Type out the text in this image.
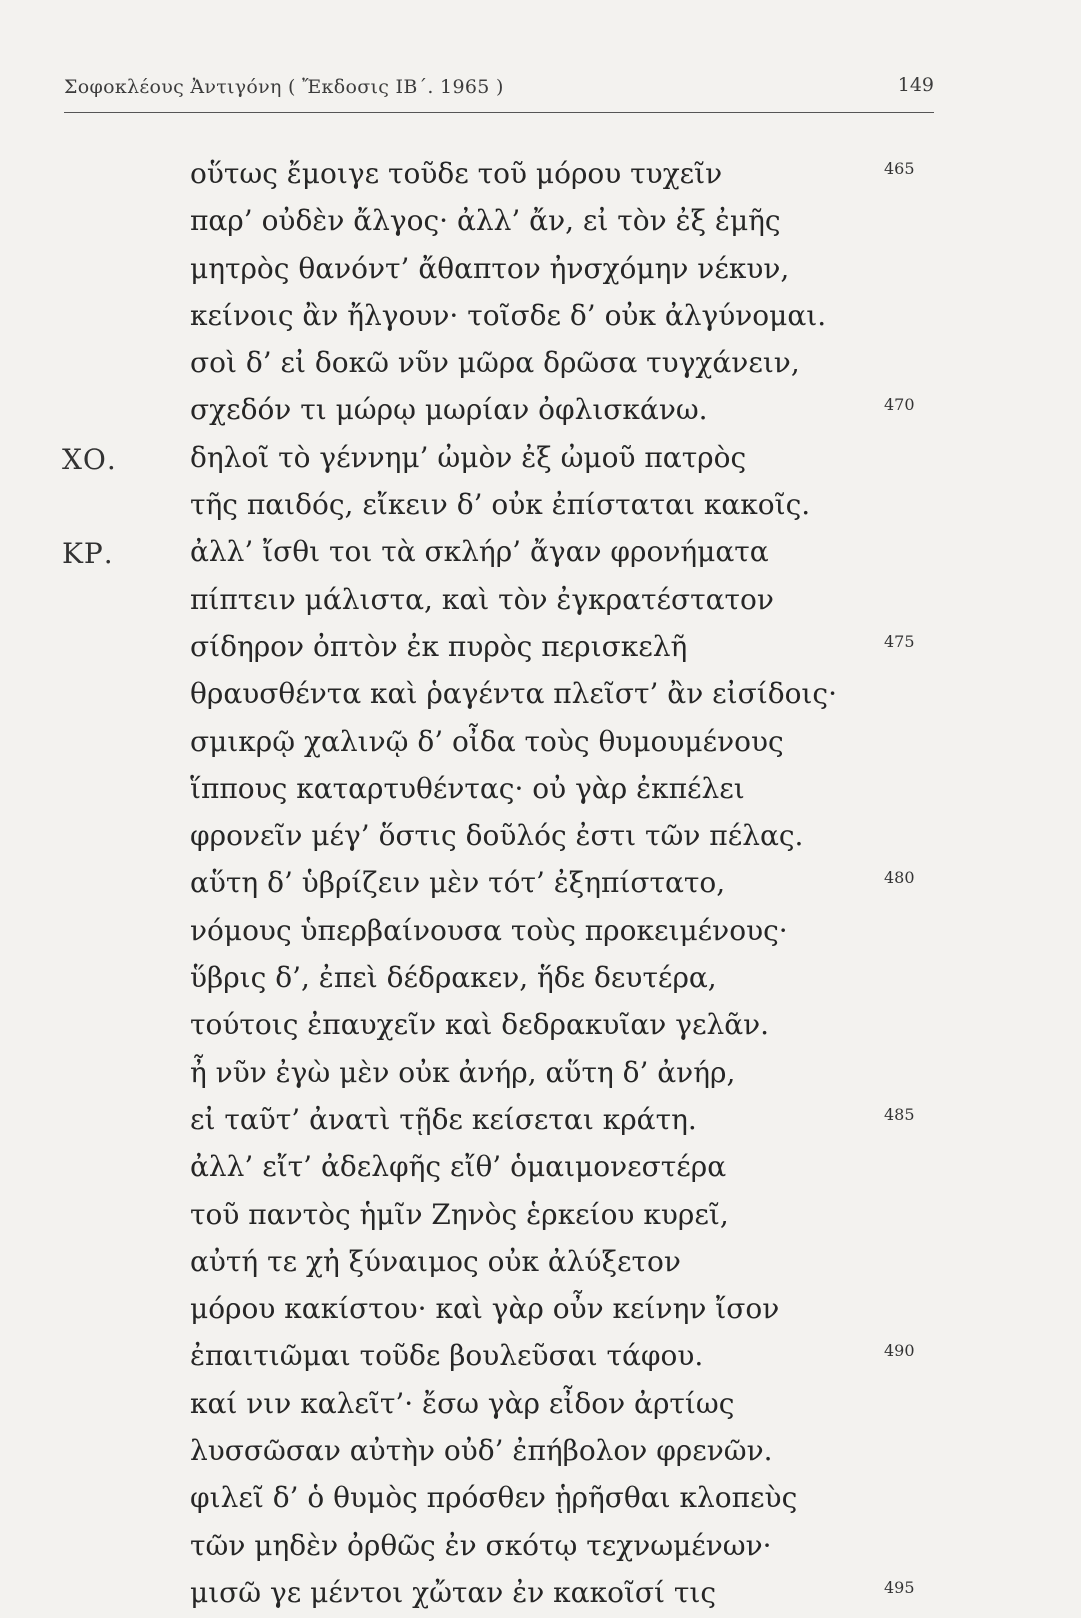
Σοφοκλέους Ἀντιγόνη ( Ἔκδοσις ΙΒ΄. 1965 )	149
οὕτως ἔμοιγε τοῦδε τοῦ μόρου τυχεῖν	465
παρ’ οὐδὲν ἄλγος· ἀλλ’ ἄν, εἰ τὸν ἐξ ἐμῆς
μητρὸς θανόντ’ ἄθαπτον ἠνσχόμην νέκυν,
κείνοις ἂν ἤλγουν· τοῖσδε δ’ οὐκ ἀλγύνομαι.
σοὶ δ’ εἰ δοκῶ νῦν μῶρα δρῶσα τυγχάνειν,
σχεδόν τι μώρῳ μωρίαν ὀφλισκάνω.	470
ΧΟ.	δηλοῖ τὸ γέννημ’ ὠμὸν ἐξ ὠμοῦ πατρὸς
τῆς παιδός, εἴκειν δ’ οὐκ ἐπίσταται κακοῖς.
ΚΡ.	ἀλλ’ ἴσθι τοι τὰ σκλήρ’ ἄγαν φρονήματα
πίπτειν μάλιστα, καὶ τὸν ἐγκρατέστατον
σίδηρον ὀπτὸν ἐκ πυρὸς περισκελῆ	475
θραυσθέντα καὶ ῥαγέντα πλεῖστ’ ἂν εἰσίδοις·
σμικρῷ χαλινῷ δ’ οἶδα τοὺς θυμουμένους
ἵππους καταρτυθέντας· οὐ γὰρ ἐκπέλει
φρονεῖν μέγ’ ὅστις δοῦλός ἐστι τῶν πέλας.
αὕτη δ’ ὑβρίζειν μὲν τότ’ ἐξηπίστατο,	480
νόμους ὑπερβαίνουσα τοὺς προκειμένους·
ὕβρις δ’, ἐπεὶ δέδρακεν, ἥδε δευτέρα,
τούτοις ἐπαυχεῖν καὶ δεδρακυῖαν γελᾶν.
ἦ νῦν ἐγὼ μὲν οὐκ ἀνήρ, αὕτη δ’ ἀνήρ,
εἰ ταῦτ’ ἀνατὶ τῇδε κείσεται κράτη.	485
ἀλλ’ εἴτ’ ἀδελφῆς εἴθ’ ὁμαιμονεστέρα
τοῦ παντὸς ἡμῖν Ζηνὸς ἑρκείου κυρεῖ,
αὐτή τε χἠ ξύναιμος οὐκ ἀλύξετον
μόρου κακίστου· καὶ γὰρ οὖν κείνην ἴσον
ἐπαιτιῶμαι τοῦδε βουλεῦσαι τάφου.	490
καί νιν καλεῖτ’· ἔσω γὰρ εἶδον ἀρτίως
λυσσῶσαν αὐτὴν οὐδ’ ἐπήβολον φρενῶν.
φιλεῖ δ’ ὁ θυμὸς πρόσθεν ᾑρῆσθαι κλοπεὺς
τῶν μηδὲν ὀρθῶς ἐν σκότῳ τεχνωμένων·
μισῶ γε μέντοι χὤταν ἐν κακοῖσί τις	495
